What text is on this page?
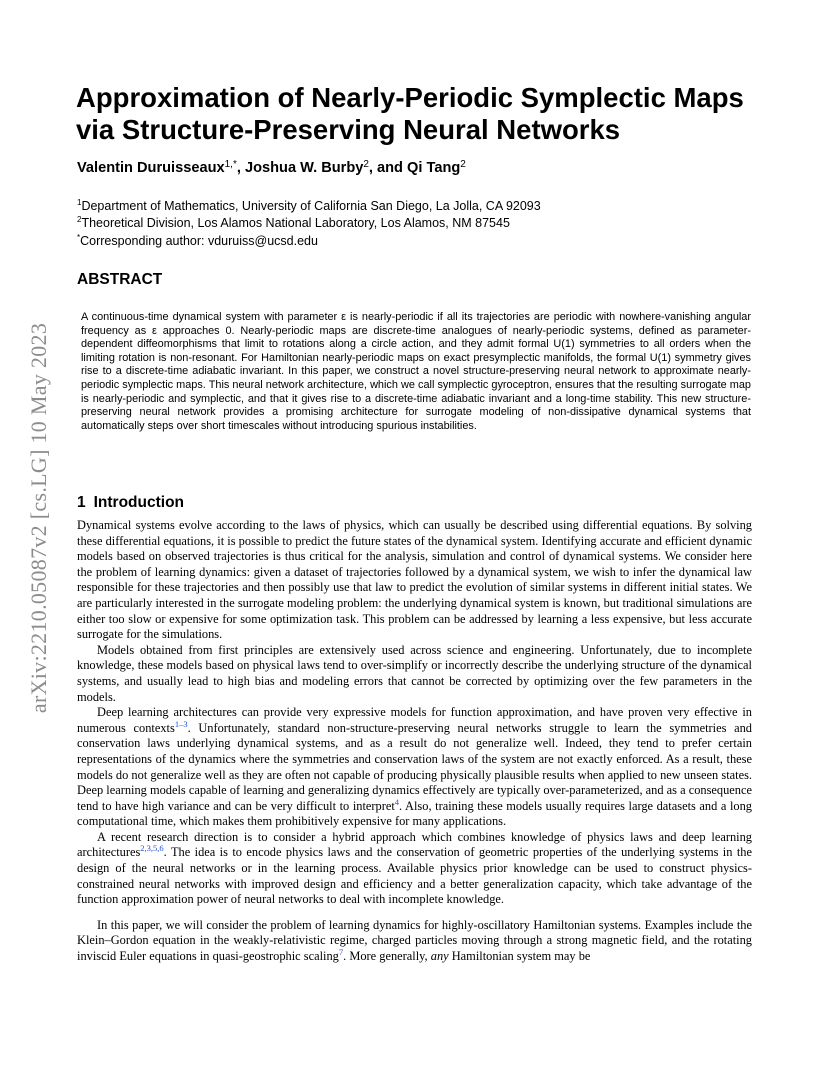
arXiv:2210.05087v2 [cs.LG] 10 May 2023
Approximation of Nearly-Periodic Symplectic Maps
via Structure-Preserving Neural Networks
Valentin Duruisseaux$^{1,*}$, Joshua W. Burby$^2$, and Qi Tang$^2$
$^1$Department of Mathematics, University of California San Diego, La Jolla, CA 92093
$^2$Theoretical Division, Los Alamos National Laboratory, Los Alamos, NM 87545
*Corresponding author: vduruiss@ucsd.edu
ABSTRACT

A continuous-time dynamical system with parameter ε is nearly-periodic if all its trajectories are periodic with nowhere-vanishing angular frequency as ε approaches 0. Nearly-periodic maps are discrete-time analogues of nearly-periodic systems, defined as parameter-dependent diffeomorphisms that limit to rotations along a circle action, and they admit formal U(1) symmetries to all orders when the limiting rotation is non-resonant. For Hamiltonian nearly-periodic maps on exact presymplectic manifolds, the formal U(1) symmetry gives rise to a discrete-time adiabatic invariant. In this paper, we construct a novel structure-preserving neural network to approximate nearly-periodic symplectic maps. This neural network architecture, which we call symplectic gyroceptron, ensures that the resulting surrogate map is nearly-periodic and symplectic, and that it gives rise to a discrete-time adiabatic invariant and a long-time stability. This new structure-preserving neural network provides a promising architecture for surrogate modeling of non-dissipative dynamical systems that automatically steps over short timescales without introducing spurious instabilities.

1 Introduction

Dynamical systems evolve according to the laws of physics, which can usually be described using differential equations. By solving these differential equations, it is possible to predict the future states of the dynamical system. Identifying accurate and efficient dynamic models based on observed trajectories is thus critical for the analysis, simulation and control of dynamical systems. We consider here the problem of learning dynamics: given a dataset of trajectories followed by a dynamical system, we wish to infer the dynamical law responsible for these trajectories and then possibly use that law to predict the evolution of similar systems in different initial states. We are particularly interested in the surrogate modeling problem: the underlying dynamical system is known, but traditional simulations are either too slow or expensive for some optimization task. This problem can be addressed by learning a less expensive, but less accurate surrogate for the simulations.

Models obtained from first principles are extensively used across science and engineering. Unfortunately, due to incomplete knowledge, these models based on physical laws tend to over-simplify or incorrectly describe the underlying structure of the dynamical systems, and usually lead to high bias and modeling errors that cannot be corrected by optimizing over the few parameters in the models.

Deep learning architectures can provide very expressive models for function approximation, and have proven very effective in numerous contexts$^{1-3}$. Unfortunately, standard non-structure-preserving neural networks struggle to learn the symmetries and conservation laws underlying dynamical systems, and as a result do not generalize well. Indeed, they tend to prefer certain representations of the dynamics where the symmetries and conservation laws of the system are not exactly enforced. As a result, these models do not generalize well as they are often not capable of producing physically plausible results when applied to new unseen states. Deep learning models capable of learning and generalizing dynamics effectively are typically over-parameterized, and as a consequence tend to have high variance and can be very difficult to interpret$^4$. Also, training these models usually requires large datasets and a long computational time, which makes them prohibitively expensive for many applications.

A recent research direction is to consider a hybrid approach which combines knowledge of physics laws and deep learning architectures$^{2,3,5,6}$. The idea is to encode physics laws and the conservation of geometric properties of the underlying systems in the design of the neural networks or in the learning process. Available physics prior knowledge can be used to construct physics-constrained neural networks with improved design and efficiency and a better generalization capacity, which take advantage of the function approximation power of neural networks to deal with incomplete knowledge.

In this paper, we will consider the problem of learning dynamics for highly-oscillatory Hamiltonian systems. Examples include the Klein–Gordon equation in the weakly-relativistic regime, charged particles moving through a strong magnetic field, and the rotating inviscid Euler equations in quasi-geostrophic scaling$^7$. More generally, any Hamiltonian system may be
